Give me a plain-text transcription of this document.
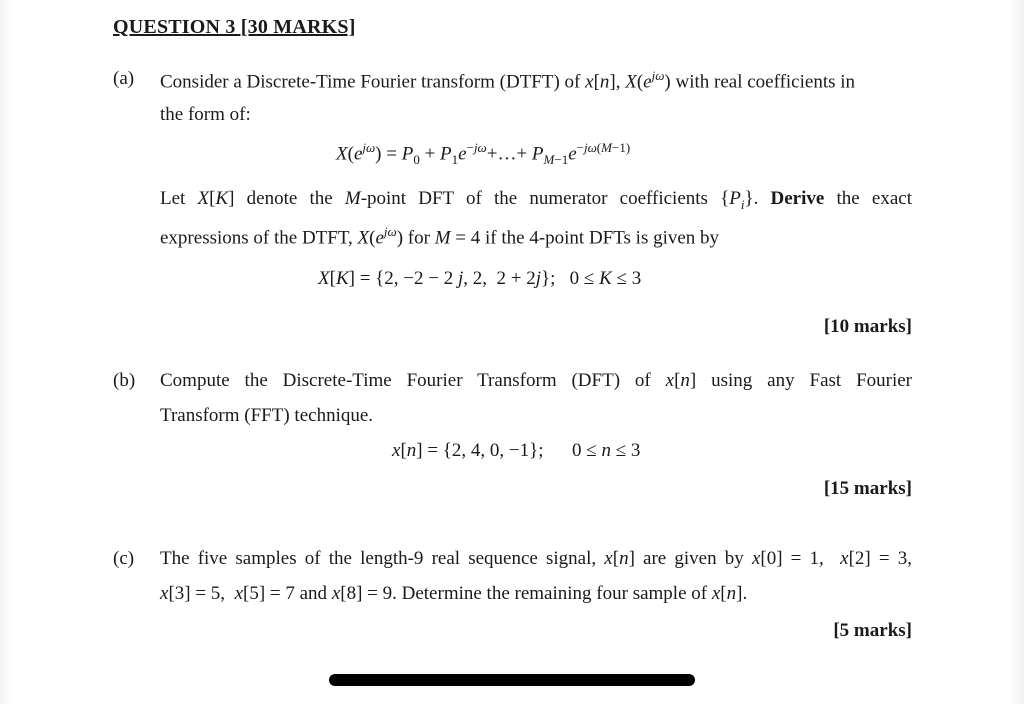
QUESTION 3 [30 MARKS]
(a) Consider a Discrete-Time Fourier transform (DTFT) of x[n], $X(e^{j\omega})$ with real coefficients in
the form of:
$X(e^{j\omega}) = P_0$ + $P_1e^{-j\omega}+\dots+ P_{M-1}e^{-j\omega(M-1)}$
Let X[K] denote the M-point DFT of the numerator coefficients $\{P_i\}$. Derive the exact
expressions of the DTFT, $X(e^{j\omega})$ for M = 4 if the 4-point DFTs is given by
X[K] = {2, −2 − 2 j, 2,  2 + 2j};   0 ≤ K ≤ 3
[10 marks]
(b) Compute the Discrete-Time Fourier Transform (DFT) of x[n] using any Fast Fourier
Transform (FFT) technique.
x[n] = {2, 4, 0, −1};      0 ≤ n ≤ 3
[15 marks]
(c) The five samples of the length-9 real sequence signal, x[n] are given by x[0] = 1,  x[2] = 3,
x[3] = 5,  x[5] = 7 and x[8] = 9. Determine the remaining four sample of x[n].
[5 marks]
